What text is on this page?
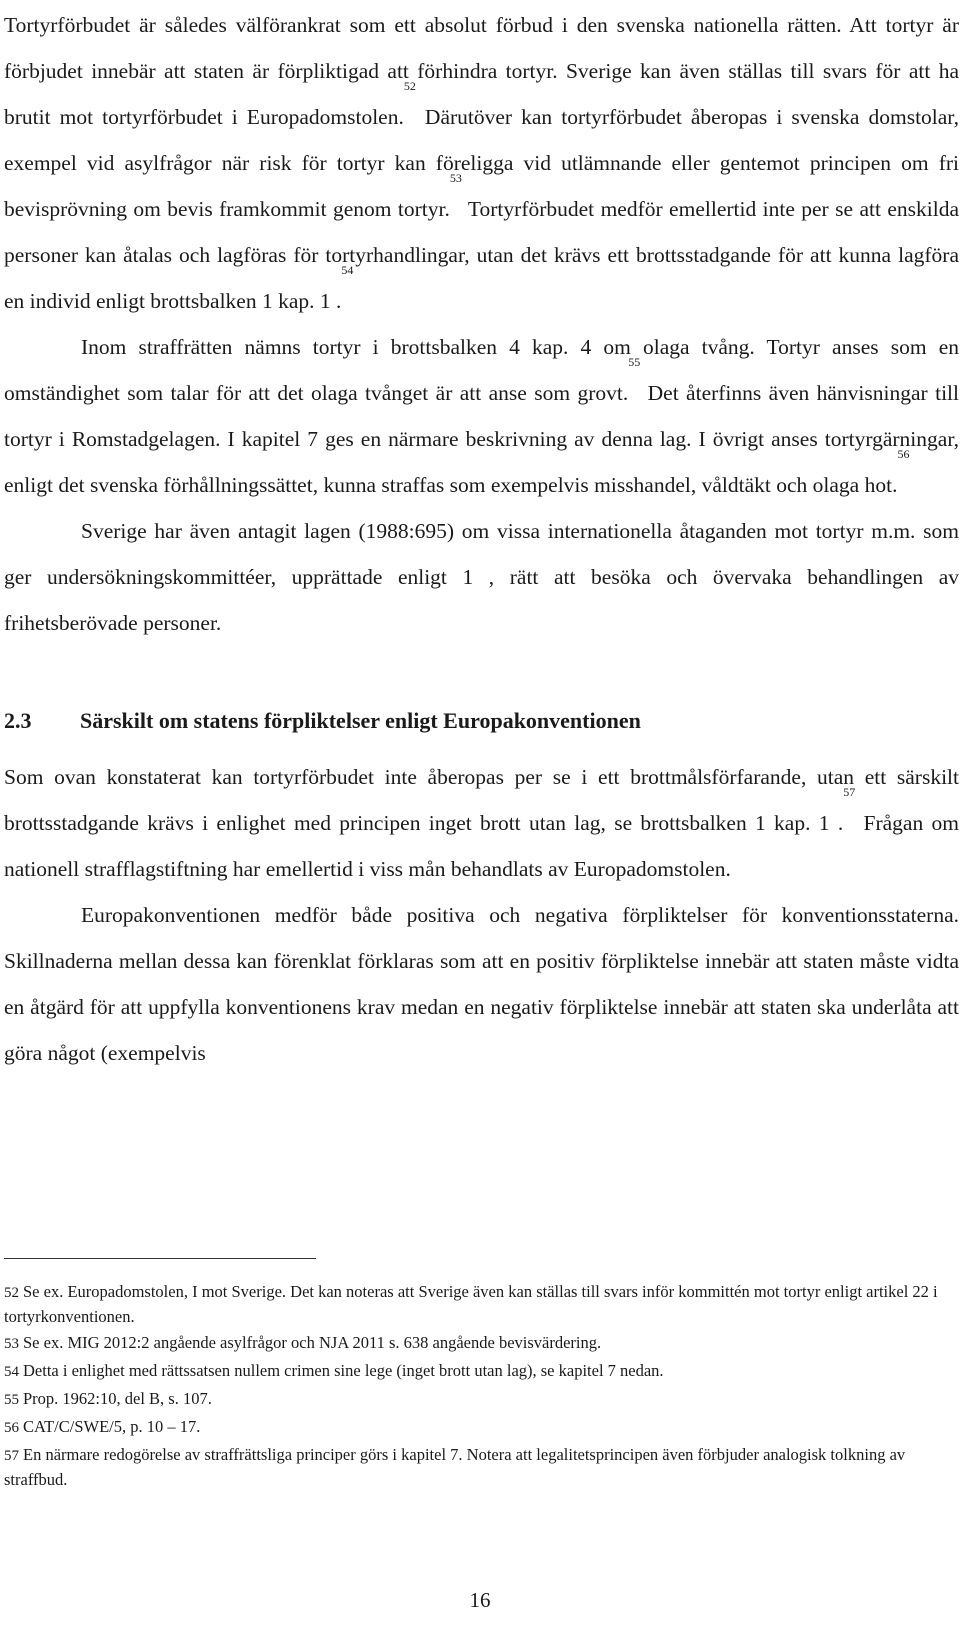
Tortyrförbudet är således välförankrat som ett absolut förbud i den svenska nationella rätten. Att tortyr är förbjudet innebär att staten är förpliktigad att förhindra tortyr. Sverige kan även ställas till svars för att ha brutit mot tortyrförbudet i Europadomstolen.$^{52}$ Därutöver kan tortyrförbudet åberopas i svenska domstolar, exempel vid asylfrågor när risk för tortyr kan föreligga vid utlämnande eller gentemot principen om fri bevisprövning om bevis framkommit genom tortyr.$^{53}$ Tortyrförbudet medför emellertid inte per se att enskilda personer kan åtalas och lagföras för tortyrhandlingar, utan det krävs ett brottsstadgande för att kunna lagföra en individ enligt brottsbalken 1 kap. 1 .$^{54}$

Inom straffrätten nämns tortyr i brottsbalken 4 kap. 4 om olaga tvång. Tortyr anses som en omständighet som talar för att det olaga tvånget är att anse som grovt.$^{55}$ Det återfinns även hänvisningar till tortyr i Romstadgelagen. I kapitel 7 ges en närmare beskrivning av denna lag. I övrigt anses tortyrgärningar, enligt det svenska förhållningssättet, kunna straffas som exempelvis misshandel, våldtäkt och olaga hot.$^{56}$

Sverige har även antagit lagen (1988:695) om vissa internationella åtaganden mot tortyr m.m. som ger undersökningskommittéer, upprättade enligt 1 , rätt att besöka och övervaka behandlingen av frihetsberövade personer.

2.3 Särskilt om statens förpliktelser enligt Europakonventionen

Som ovan konstaterat kan tortyrförbudet inte åberopas per se i ett brottmålsförfarande, utan ett särskilt brottsstadgande krävs i enlighet med principen inget brott utan lag, se brottsbalken 1 kap. 1 .$^{57}$ Frågan om nationell strafflagstiftning har emellertid i viss mån behandlats av Europadomstolen.

Europakonventionen medför både positiva och negativa förpliktelser för konventionsstaterna. Skillnaderna mellan dessa kan förenklat förklaras som att en positiv förpliktelse innebär att staten måste vidta en åtgärd för att uppfylla konventionens krav medan en negativ förpliktelse innebär att staten ska underlåta att göra något (exempelvis

52 Se ex. Europadomstolen, I mot Sverige. Det kan noteras att Sverige även kan ställas till svars inför kommittén mot tortyr enligt artikel 22 i tortyrkonventionen.
53 Se ex. MIG 2012:2 angående asylfrågor och NJA 2011 s. 638 angående bevisvärdering.
54 Detta i enlighet med rättssatsen nullem crimen sine lege (inget brott utan lag), se kapitel 7 nedan.
55 Prop. 1962:10, del B, s. 107.
56 CAT/C/SWE/5, p. 10 – 17.
57 En närmare redogörelse av straffrättsliga principer görs i kapitel 7. Notera att legalitetsprincipen även förbjuder analogisk tolkning av straffbud.
16
